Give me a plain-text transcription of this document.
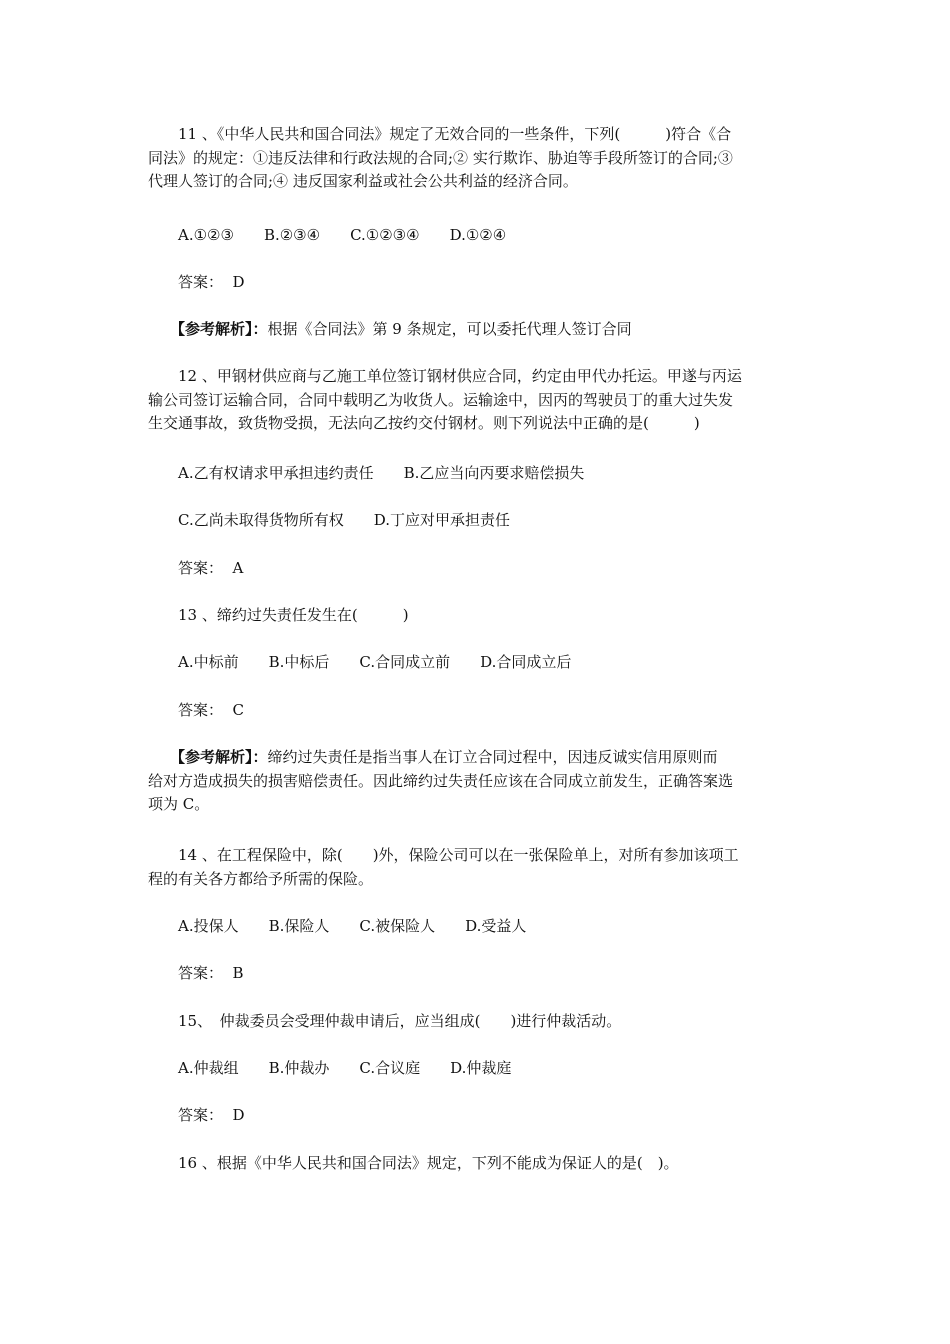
11 、《中华人民共和国合同法》规定了无效合同的一些条件，下列(　　　)符合《合
同法》的规定：①违反法律和行政法规的合同;② 实行欺诈、胁迫等手段所签订的合同;③
代理人签订的合同;④ 违反国家利益或社会公共利益的经济合同。
A.①②③　　B.②③④　　C.①②③④　　D.①②④
答案：  D
【参考解析】：根据《合同法》第 9 条规定，可以委托代理人签订合同
12 、甲钢材供应商与乙施工单位签订钢材供应合同，约定由甲代办托运。甲遂与丙运
输公司签订运输合同，合同中载明乙为收货人。运输途中，因丙的驾驶员丁的重大过失发
生交通事故，致货物受损，无法向乙按约交付钢材。则下列说法中正确的是(　　　)
A.乙有权请求甲承担违约责任　　B.乙应当向丙要求赔偿损失
C.乙尚未取得货物所有权　　D.丁应对甲承担责任
答案：  A
13 、缔约过失责任发生在(　　　)
A.中标前　　B.中标后　　C.合同成立前　　D.合同成立后
答案：  C
【参考解析】：缔约过失责任是指当事人在订立合同过程中，因违反诚实信用原则而
给对方造成损失的损害赔偿责任。因此缔约过失责任应该在合同成立前发生，正确答案选
项为 C。
14 、在工程保险中，除(　　)外，保险公司可以在一张保险单上，对所有参加该项工
程的有关各方都给予所需的保险。
A.投保人　　B.保险人　　C.被保险人　　D.受益人
答案：  B
15、　仲裁委员会受理仲裁申请后，应当组成(　　)进行仲裁活动。
A.仲裁组　　B.仲裁办　　C.合议庭　　D.仲裁庭
答案：  D
16 、根据《中华人民共和国合同法》规定，下列不能成为保证人的是(　)。
